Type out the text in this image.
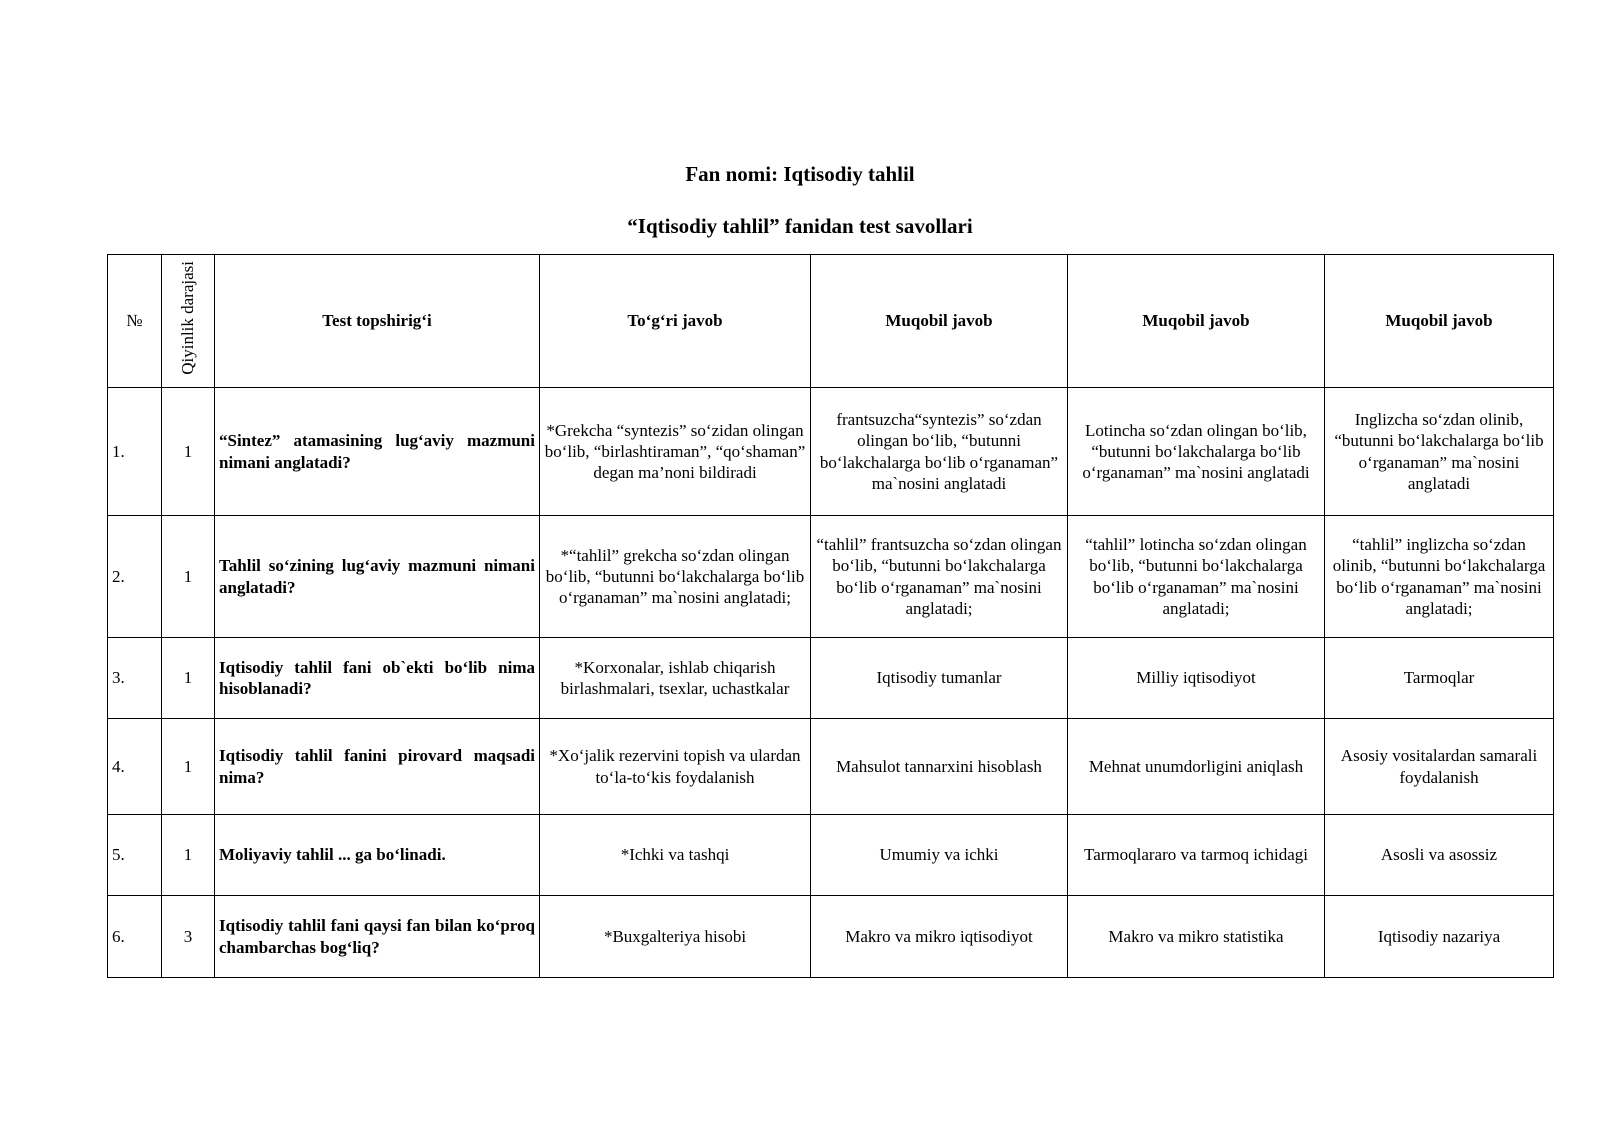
Fan nomi: Iqtisodiy tahlil
“Iqtisodiy tahlil” fanidan test savollari
№	Qiyinlik darajasi	Test topshirig‘i	To‘g‘ri javob	Muqobil javob	Muqobil javob	Muqobil javob
1.	1	“Sintez” atamasining lug‘aviy mazmuni nimani anglatadi?	*Grekcha “syntezis” so‘zidan olingan bo‘lib, “birlashtiraman”, “qo‘shaman” degan ma’noni bildiradi	frantsuzcha“syntezis” so‘zdan olingan bo‘lib, “butunni bo‘lakchalarga bo‘lib o‘rganaman” ma`nosini anglatadi	Lotincha so‘zdan olingan bo‘lib, “butunni bo‘lakchalarga bo‘lib o‘rganaman” ma`nosini anglatadi	Inglizcha so‘zdan olinib, “butunni bo‘lakchalarga bo‘lib o‘rganaman” ma`nosini anglatadi
2.	1	Tahlil so‘zining lug‘aviy mazmuni nimani anglatadi?	*“tahlil” grekcha so‘zdan olingan bo‘lib, “butunni bo‘lakchalarga bo‘lib o‘rganaman” ma`nosini anglatadi;	“tahlil” frantsuzcha so‘zdan olingan bo‘lib, “butunni bo‘lakchalarga bo‘lib o‘rganaman” ma`nosini anglatadi;	“tahlil” lotincha so‘zdan olingan bo‘lib, “butunni bo‘lakchalarga bo‘lib o‘rganaman” ma`nosini anglatadi;	“tahlil” inglizcha so‘zdan olinib, “butunni bo‘lakchalarga bo‘lib o‘rganaman” ma`nosini anglatadi;
3.	1	Iqtisodiy tahlil fani ob`ekti bo‘lib nima hisoblanadi?	*Korxonalar, ishlab chiqarish birlashmalari, tsexlar, uchastkalar	Iqtisodiy tumanlar	Milliy iqtisodiyot	Tarmoqlar
4.	1	Iqtisodiy tahlil fanini pirovard maqsadi nima?	*Xo‘jalik rezervini topish va ulardan to‘la-to‘kis foydalanish	Mahsulot tannarxini hisoblash	Mehnat unumdorligini aniqlash	Asosiy vositalardan samarali foydalanish
5.	1	Moliyaviy tahlil ... ga bo‘linadi.	*Ichki va tashqi	Umumiy va ichki	Tarmoqlararo va tarmoq ichidagi	Asosli va asossiz
6.	3	Iqtisodiy tahlil fani qaysi fan bilan ko‘proq chambarchas bog‘liq?	*Buxgalteriya hisobi	Makro va mikro iqtisodiyot	Makro va mikro statistika	Iqtisodiy nazariya
